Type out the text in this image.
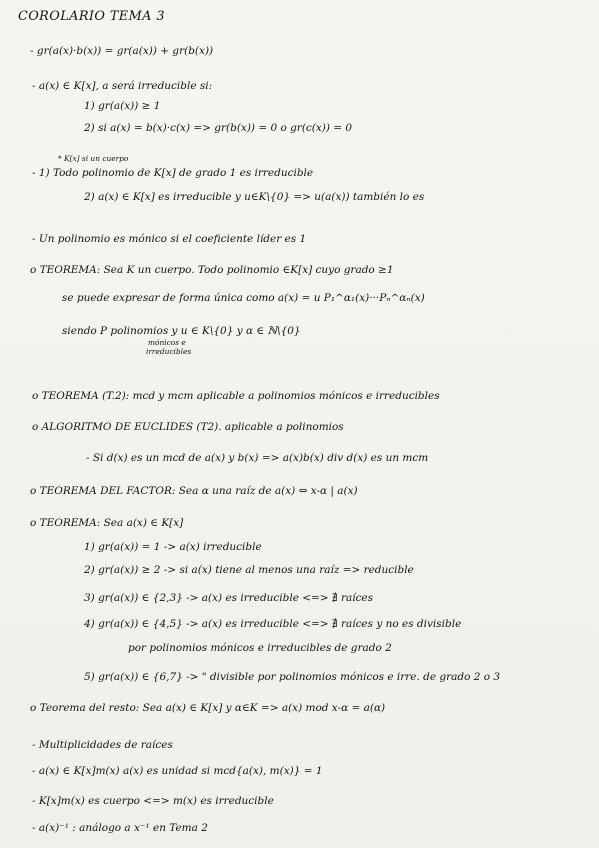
COROLARIO TEMA 3
- gr(a(x)·b(x)) = gr(a(x)) + gr(b(x))
- a(x) ∈ K[x], a será irreducible si:
1) gr(a(x)) ≥ 1
2) si a(x) = b(x)·c(x) => gr(b(x)) = 0 o gr(c(x)) = 0
* K[x] si un cuerpo
- 1) Todo polinomio de K[x] de grado 1 es irreducible
2) a(x) ∈ K[x] es irreducible y u∈K\{0} => u(a(x)) también lo es
- Un polinomio es mónico si el coeficiente líder es 1
o TEOREMA: Sea K un cuerpo. Todo polinomio ∈K[x] cuyo grado ≥1
se puede expresar de forma única como a(x) = u P₁^α₁(x)···Pₙ^αₙ(x)
siendo P polinomios y u ∈ K\{0} y α ∈ ℕ\{0}
mónicos e
irreducibles
o TEOREMA (T.2): mcd y mcm aplicable a polinomios mónicos e irreducibles
o ALGORITMO DE EUCLIDES (T2). aplicable a polinomios
- Si d(x) es un mcd de a(x) y b(x) => a(x)b(x) div d(x) es un mcm
o TEOREMA DEL FACTOR: Sea α una raíz de a(x) ⇔ x-α | a(x)
o TEOREMA: Sea a(x) ∈ K[x]
1) gr(a(x)) = 1 -> a(x) irreducible
2) gr(a(x)) ≥ 2 -> si a(x) tiene al menos una raíz => reducible
3) gr(a(x)) ∈ {2,3} -> a(x) es irreducible <=> ∄ raíces
4) gr(a(x)) ∈ {4,5} -> a(x) es irreducible <=> ∄ raíces y no es divisible
por polinomios mónicos e irreducibles de grado 2
5) gr(a(x)) ∈ {6,7} -> " divisible por polinomios mónicos e irre. de grado 2 o 3
o Teorema del resto: Sea a(x) ∈ K[x] y α∈K => a(x) mod x-α = a(α)
- Multiplicidades de raíces
- a(x) ∈ K[x]m(x) a(x) es unidad si mcd{a(x), m(x)} = 1
- K[x]m(x) es cuerpo <=> m(x) es irreducible
- a(x)⁻¹ : análogo a x⁻¹ en Tema 2
